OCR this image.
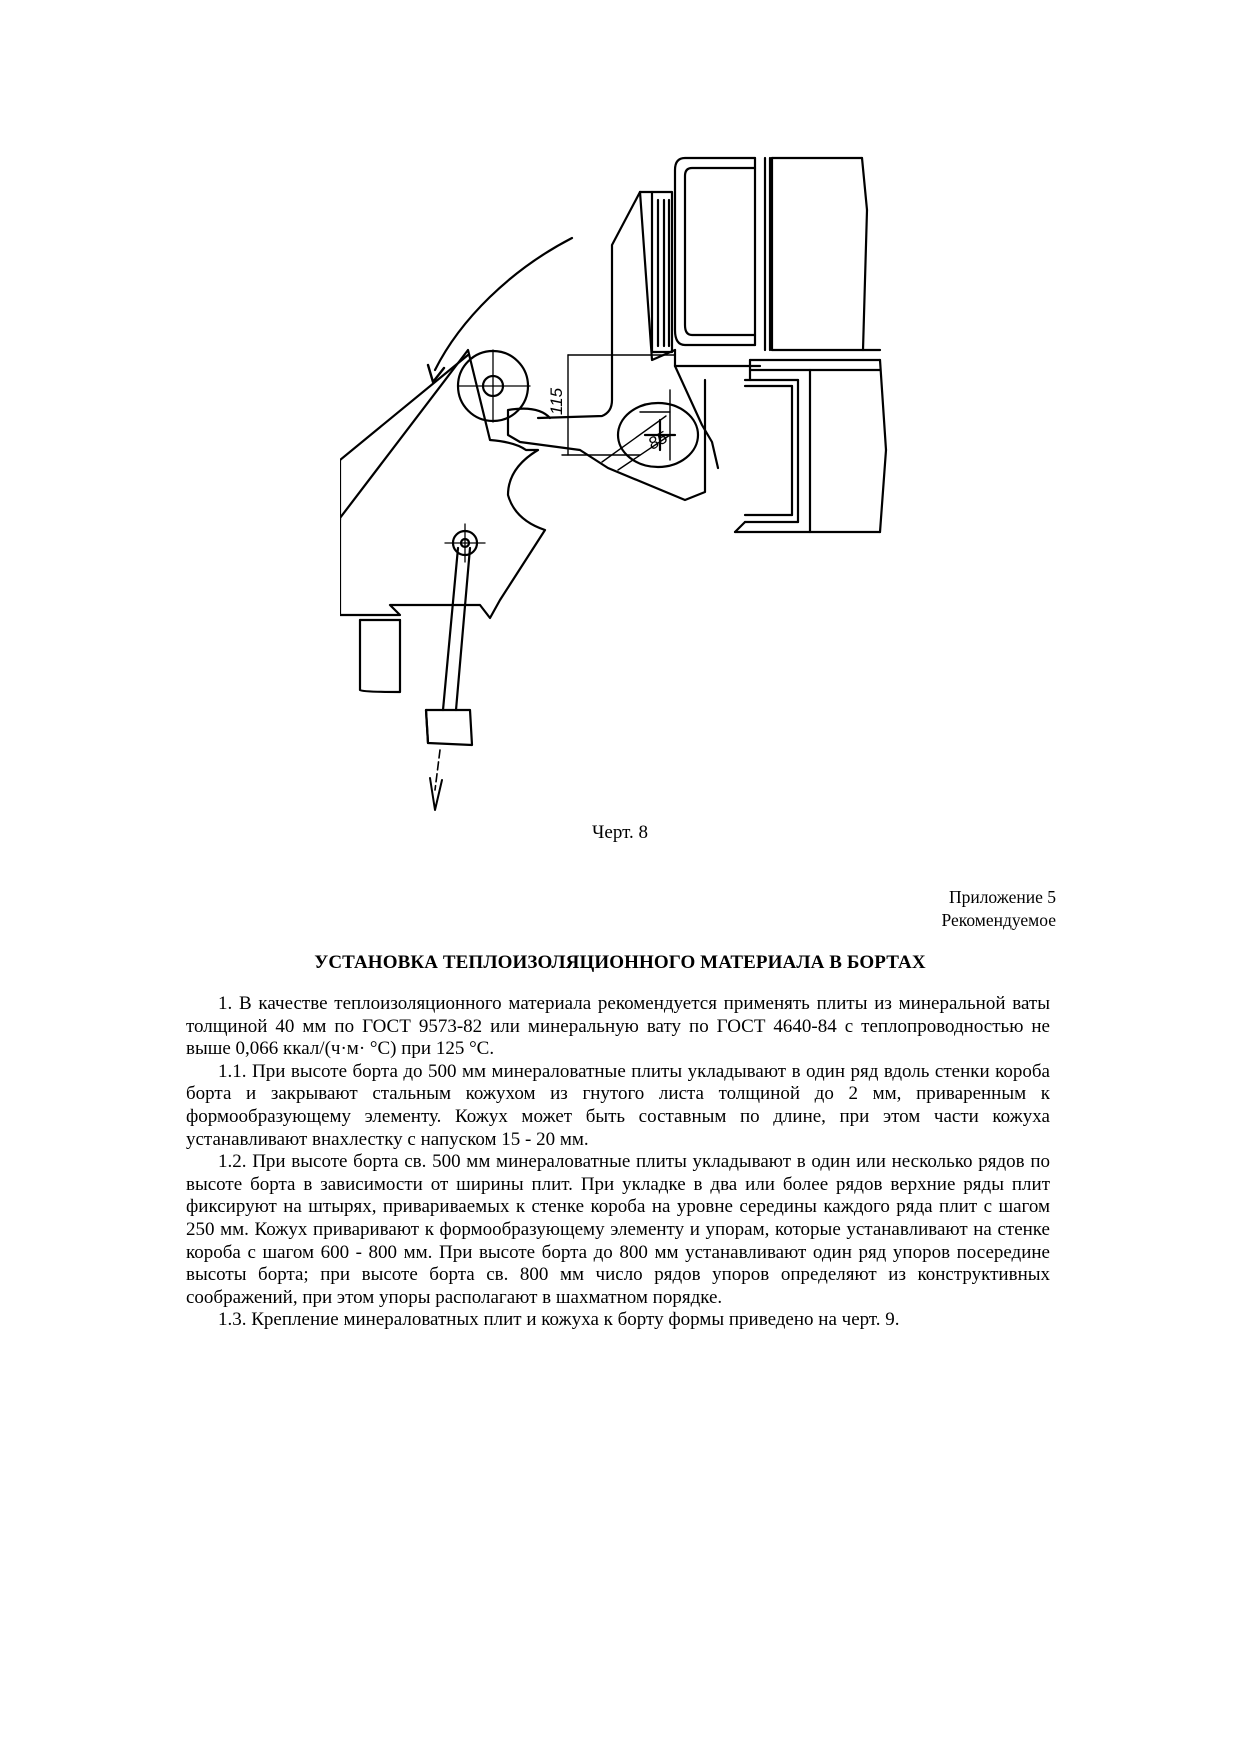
115
85
Черт. 8
Приложение 5
Рекомендуемое
УСТАНОВКА ТЕПЛОИЗОЛЯЦИОННОГО МАТЕРИАЛА В БОРТАХ

1. В качестве теплоизоляционного материала рекомендуется применять плиты из минеральной ваты толщиной 40 мм по ГОСТ 9573-82 или минеральную вату по ГОСТ 4640-84 с теплопроводностью не выше 0,066 ккал/(ч·м· °С) при 125 °С.

1.1. При высоте борта до 500 мм минераловатные плиты укладывают в один ряд вдоль стенки короба борта и закрывают стальным кожухом из гнутого листа толщиной до 2 мм, приваренным к формообразующему элементу. Кожух может быть составным по длине, при этом части кожуха устанавливают внахлестку с напуском 15 - 20 мм.

1.2. При высоте борта св. 500 мм минераловатные плиты укладывают в один или несколько рядов по высоте борта в зависимости от ширины плит. При укладке в два или более рядов верхние ряды плит фиксируют на штырях, привариваемых к стенке короба на уровне середины каждого ряда плит с шагом 250 мм. Кожух приваривают к формообразующему элементу и упорам, которые устанавливают на стенке короба с шагом 600 - 800 мм. При высоте борта до 800 мм устанавливают один ряд упоров посередине высоты борта; при высоте борта св. 800 мм число рядов упоров определяют из конструктивных соображений, при этом упоры располагают в шахматном порядке.

1.3. Крепление минераловатных плит и кожуха к борту формы приведено на черт. 9.
